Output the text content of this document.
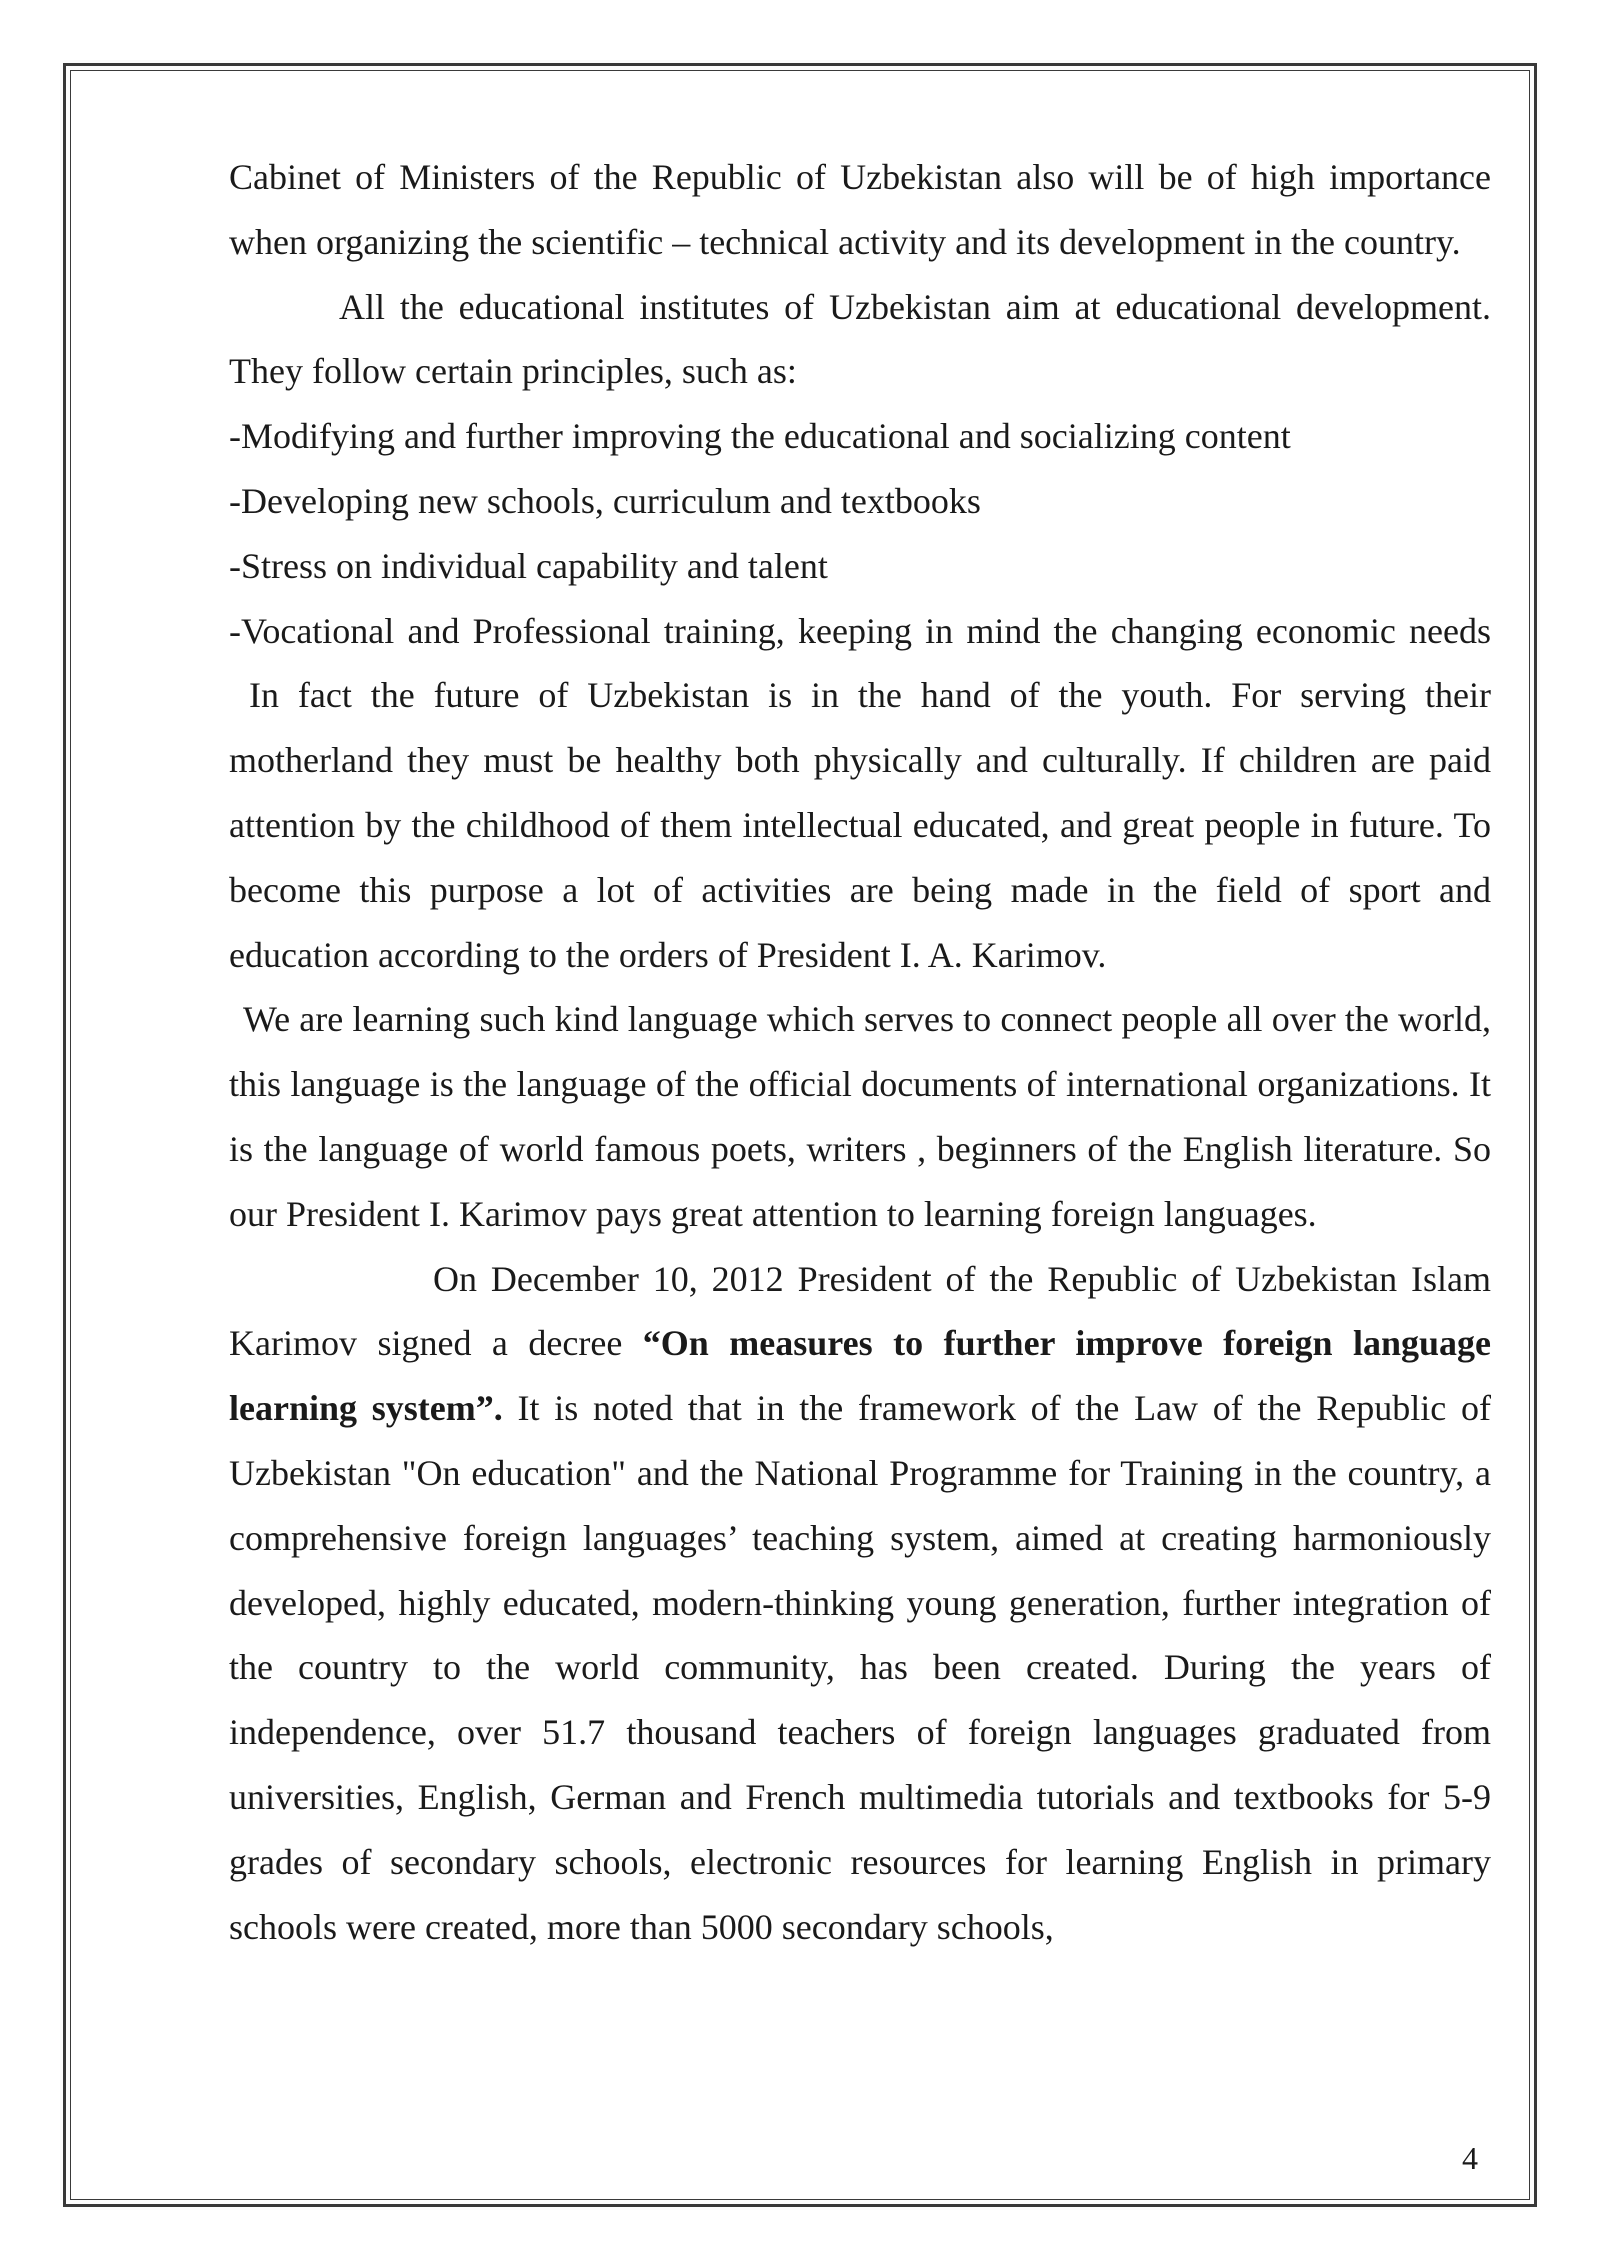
Cabinet of Ministers of the Republic of Uzbekistan also will be of high importance when organizing the scientific – technical activity and its development in the country.

All the educational institutes of Uzbekistan aim at educational development. They follow certain principles, such as:

-Modifying and further improving the educational and socializing content

-Developing new schools, curriculum and textbooks

-Stress on individual capability and talent

-Vocational and Professional training, keeping in mind the changing economic needs

In fact the future of Uzbekistan is in the hand of the youth. For serving their motherland they must be healthy both physically and culturally. If children are paid attention by the childhood of them intellectual educated, and great people in future. To become this purpose a lot of activities are being made in the field of sport and education according to the orders of President I. A. Karimov.

We are learning such kind language which serves to connect people all over the world, this language is the language of the official documents of international organizations. It is the language of world famous poets, writers , beginners of the English literature. So our President I. Karimov pays great attention to learning foreign languages.

On December 10, 2012 President of the Republic of Uzbekistan Islam Karimov signed a decree “On measures to further improve foreign language learning system”. It is noted that in the framework of the Law of the Republic of Uzbekistan "On education" and the National Programme for Training in the country, a comprehensive foreign languages’ teaching system, aimed at creating harmoniously developed, highly educated, modern-thinking young generation, further integration of the country to the world community, has been created. During the years of independence, over 51.7 thousand teachers of foreign languages graduated from universities, English, German and French multimedia tutorials and textbooks for 5-9 grades of secondary schools, electronic resources for learning English in primary schools were created, more than 5000 secondary schools,

4
